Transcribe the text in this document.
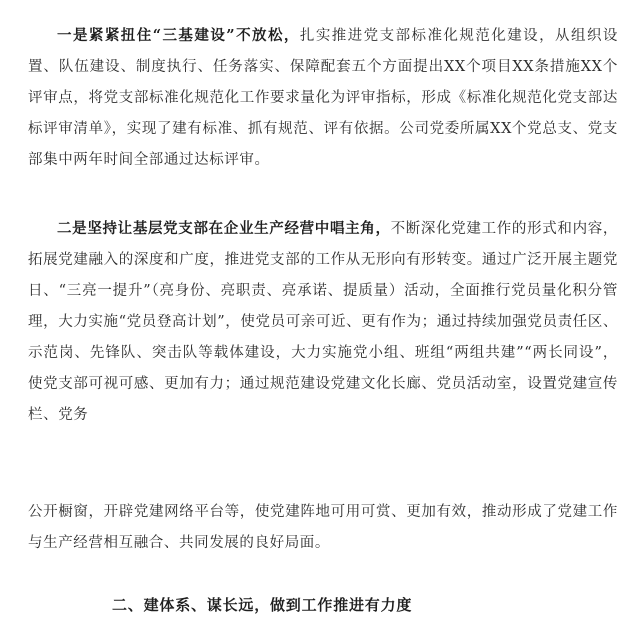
一是紧紧扭住“三基建设”不放松，扎实推进党支部标准化规范化建设，从组织设置、队伍建设、制度执行、任务落实、保障配套五个方面提出XX个项目XX条措施XX个评审点，将党支部标准化规范化工作要求量化为评审指标，形成《标准化规范化党支部达标评审清单》，实现了建有标准、抓有规范、评有依据。公司党委所属XX个党总支、党支部集中两年时间全部通过达标评审。

二是坚持让基层党支部在企业生产经营中唱主角，不断深化党建工作的形式和内容，拓展党建融入的深度和广度，推进党支部的工作从无形向有形转变。通过广泛开展主题党日、“三亮一提升”（亮身份、亮职责、亮承诺、提质量）活动，全面推行党员量化积分管理，大力实施“党员登高计划”，使党员可亲可近、更有作为；通过持续加强党员责任区、示范岗、先锋队、突击队等载体建设，大力实施党小组、班组“两组共建”“两长同设”，使党支部可视可感、更加有力；通过规范建设党建文化长廊、党员活动室，设置党建宣传栏、党务

公开橱窗，开辟党建网络平台等，使党建阵地可用可赏、更加有效，推动形成了党建工作与生产经营相互融合、共同发展的良好局面。

二、建体系、谋长远，做到工作推进有力度
